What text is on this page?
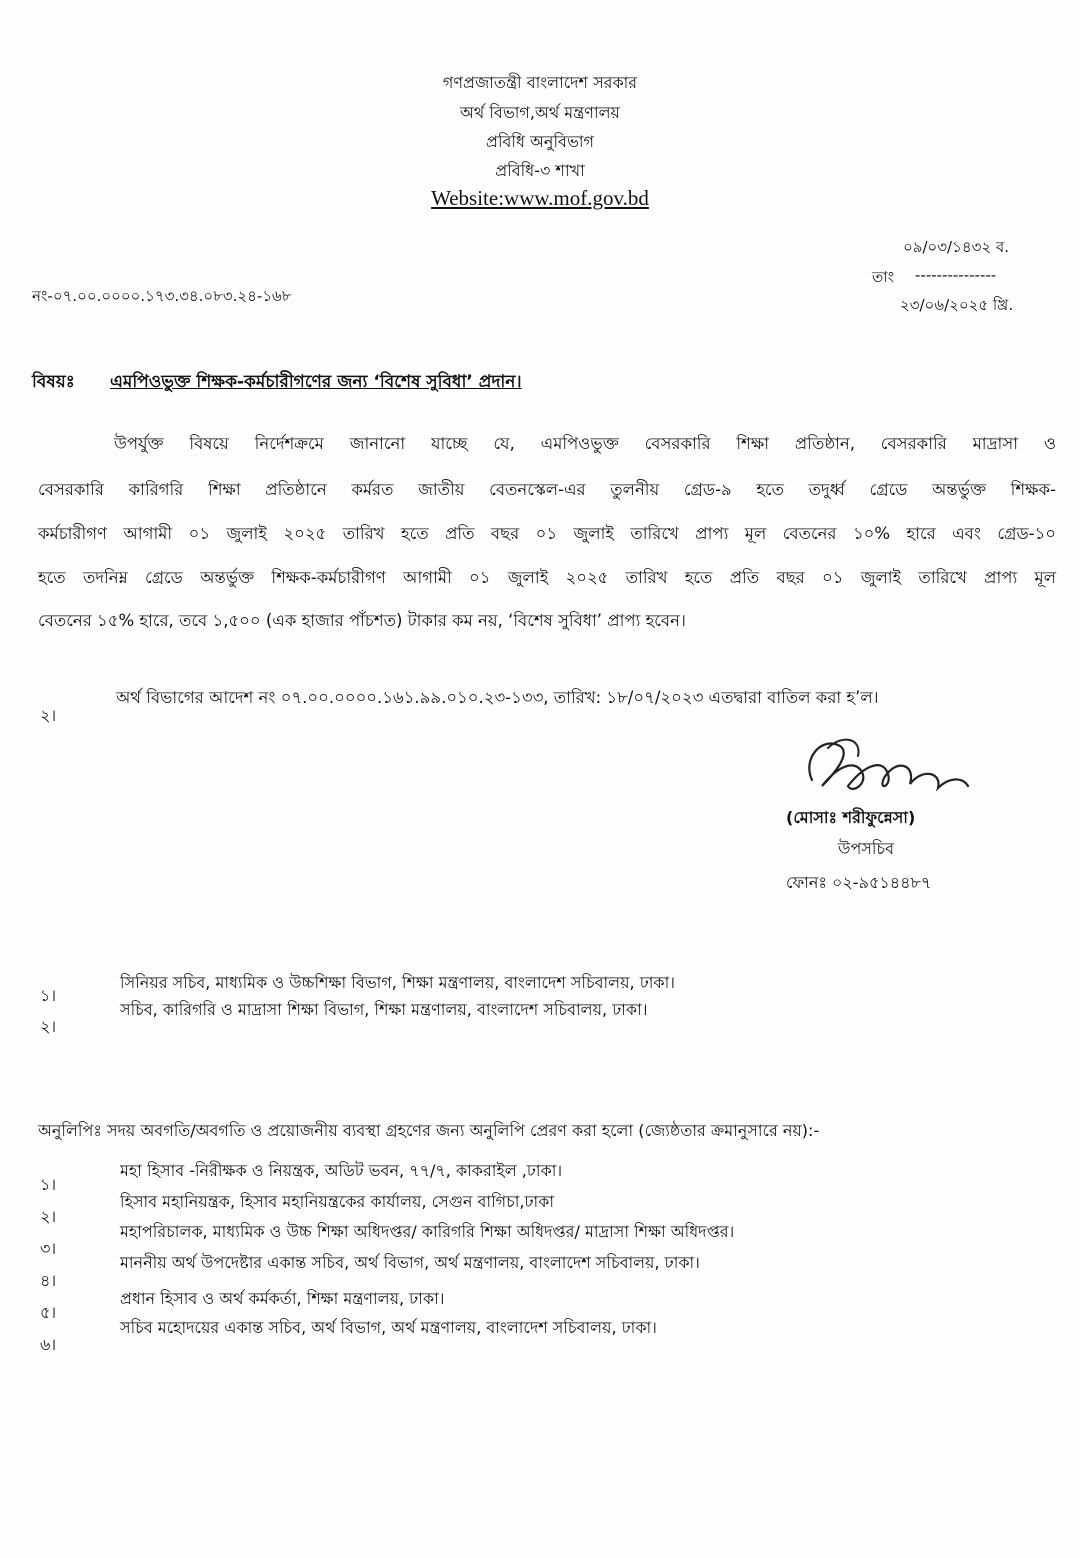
গণপ্রজাতন্ত্রী বাংলাদেশ সরকার
অর্থ বিভাগ,অর্থ মন্ত্রণালয়
প্রবিধি অনুবিভাগ
প্রবিধি-৩ শাখা
Website:www.mof.gov.bd
০৯/০৩/১৪৩২ ব.
তাং ---------------
২৩/০৬/২০২৫ খ্রি.
নং-০৭.০০.০০০০.১৭৩.৩৪.০৮৩.২৪-১৬৮
বিষয়ঃ এমপিওভুক্ত শিক্ষক-কর্মচারীগণের জন্য ‘বিশেষ সুবিধা’ প্রদান।
উপর্যুক্ত বিষয়ে নির্দেশক্রমে জানানো যাচ্ছে যে, এমপিওভুক্ত বেসরকারি শিক্ষা প্রতিষ্ঠান, বেসরকারি মাদ্রাসা ও
বেসরকারি কারিগরি শিক্ষা প্রতিষ্ঠানে কর্মরত জাতীয় বেতনস্কেল-এর তুলনীয় গ্রেড-৯ হতে তদুর্ধ্ব গ্রেডে অন্তর্ভুক্ত শিক্ষক-
কর্মচারীগণ আগামী ০১ জুলাই ২০২৫ তারিখ হতে প্রতি বছর ০১ জুলাই তারিখে প্রাপ্য মূল বেতনের ১০% হারে এবং গ্রেড-১০
হতে তদনিম্ন গ্রেডে অন্তর্ভুক্ত শিক্ষক-কর্মচারীগণ আগামী ০১ জুলাই ২০২৫ তারিখ হতে প্রতি বছর ০১ জুলাই তারিখে প্রাপ্য মূল
বেতনের ১৫% হারে, তবে ১,৫০০ (এক হাজার পাঁচশত) টাকার কম নয়, ‘বিশেষ সুবিধা’ প্রাপ্য হবেন।
২।
অর্থ বিভাগের আদেশ নং ০৭.০০.০০০০.১৬১.৯৯.০১০.২৩-১৩৩, তারিখ: ১৮/০৭/২০২৩ এতদ্বারা বাতিল করা হ’ল।
(মোসাঃ শরীফুন্নেসা)
উপসচিব
ফোনঃ ০২-৯৫১৪৪৮৭
১।
সিনিয়র সচিব, মাধ্যমিক ও উচ্চশিক্ষা বিভাগ, শিক্ষা মন্ত্রণালয়, বাংলাদেশ সচিবালয়, ঢাকা।
২।
সচিব, কারিগরি ও মাদ্রাসা শিক্ষা বিভাগ, শিক্ষা মন্ত্রণালয়, বাংলাদেশ সচিবালয়, ঢাকা।
অনুলিপিঃ সদয় অবগতি/অবগতি ও প্রয়োজনীয় ব্যবস্থা গ্রহণের জন্য অনুলিপি প্রেরণ করা হলো (জ্যেষ্ঠতার ক্রমানুসারে নয়):-
১।
মহা হিসাব -নিরীক্ষক ও নিয়ন্ত্রক, অডিট ভবন, ৭৭/৭, কাকরাইল ,ঢাকা।
২।
হিসাব মহানিয়ন্ত্রক, হিসাব মহানিয়ন্ত্রকের কার্যালয়, সেগুন বাগিচা,ঢাকা
৩।
মহাপরিচালক, মাধ্যমিক ও উচ্চ শিক্ষা অধিদপ্তর/ কারিগরি শিক্ষা অধিদপ্তর/ মাদ্রাসা শিক্ষা অধিদপ্তর।
৪।
মাননীয় অর্থ উপদেষ্টার একান্ত সচিব, অর্থ বিভাগ, অর্থ মন্ত্রণালয়, বাংলাদেশ সচিবালয়, ঢাকা।
৫।
প্রধান হিসাব ও অর্থ কর্মকর্তা, শিক্ষা মন্ত্রণালয়, ঢাকা।
৬।
সচিব মহোদয়ের একান্ত সচিব, অর্থ বিভাগ, অর্থ মন্ত্রণালয়, বাংলাদেশ সচিবালয়, ঢাকা।
